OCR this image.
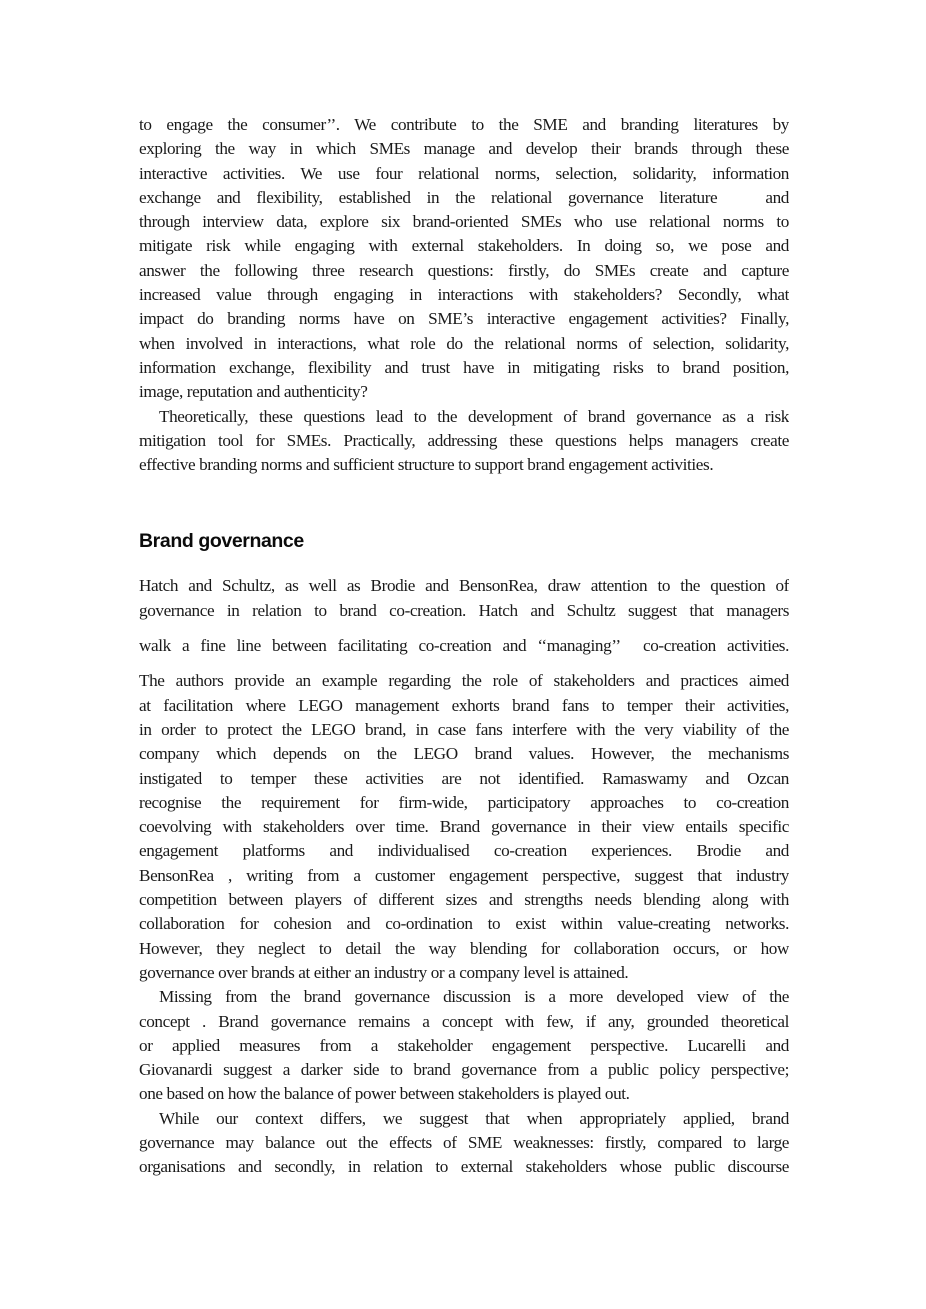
to engage the consumer’’. We contribute to the SME and branding literatures by
exploring the way in which SMEs manage and develop their brands through these
interactive activities. We use four relational norms, selection, solidarity, information
exchange and flexibility, established in the relational governance literature   and
through interview data, explore six brand-oriented SMEs who use relational norms to
mitigate risk while engaging with external stakeholders. In doing so, we pose and
answer the following three research questions: firstly, do SMEs create and capture
increased value through engaging in interactions with stakeholders? Secondly, what
impact do branding norms have on SME’s interactive engagement activities? Finally,
when involved in interactions, what role do the relational norms of selection, solidarity,
information exchange, flexibility and trust have in mitigating risks to brand position,
image, reputation and authenticity?
Theoretically, these questions lead to the development of brand governance as a risk
mitigation tool for SMEs. Practically, addressing these questions helps managers create
effective branding norms and sufficient structure to support brand engagement activities.
Brand governance
Hatch and Schultz, as well as Brodie and BensonRea, draw attention to the question of
governance in relation to brand co-creation. Hatch and Schultz suggest that managers
walk a fine line between facilitating co-creation and ‘‘managing’’  co-creation activities.
The authors provide an example regarding the role of stakeholders and practices aimed
at facilitation where LEGO management exhorts brand fans to temper their activities,
in order to protect the LEGO brand, in case fans interfere with the very viability of the
company which depends on the LEGO brand values. However, the mechanisms
instigated to temper these activities are not identified. Ramaswamy and Ozcan
recognise the requirement for firm-wide, participatory approaches to co-creation
coevolving with stakeholders over time. Brand governance in their view entails specific
engagement platforms and individualised co-creation experiences. Brodie and
BensonRea , writing from a customer engagement perspective, suggest that industry
competition between players of different sizes and strengths needs blending along with
collaboration for cohesion and co-ordination to exist within value-creating networks.
However, they neglect to detail the way blending for collaboration occurs, or how
governance over brands at either an industry or a company level is attained.
Missing from the brand governance discussion is a more developed view of the
concept . Brand governance remains a concept with few, if any, grounded theoretical
or applied measures from a stakeholder engagement perspective. Lucarelli and
Giovanardi suggest a darker side to brand governance from a public policy perspective;
one based on how the balance of power between stakeholders is played out.
While our context differs, we suggest that when appropriately applied, brand
governance may balance out the effects of SME weaknesses: firstly, compared to large
organisations and secondly, in relation to external stakeholders whose public discourse
